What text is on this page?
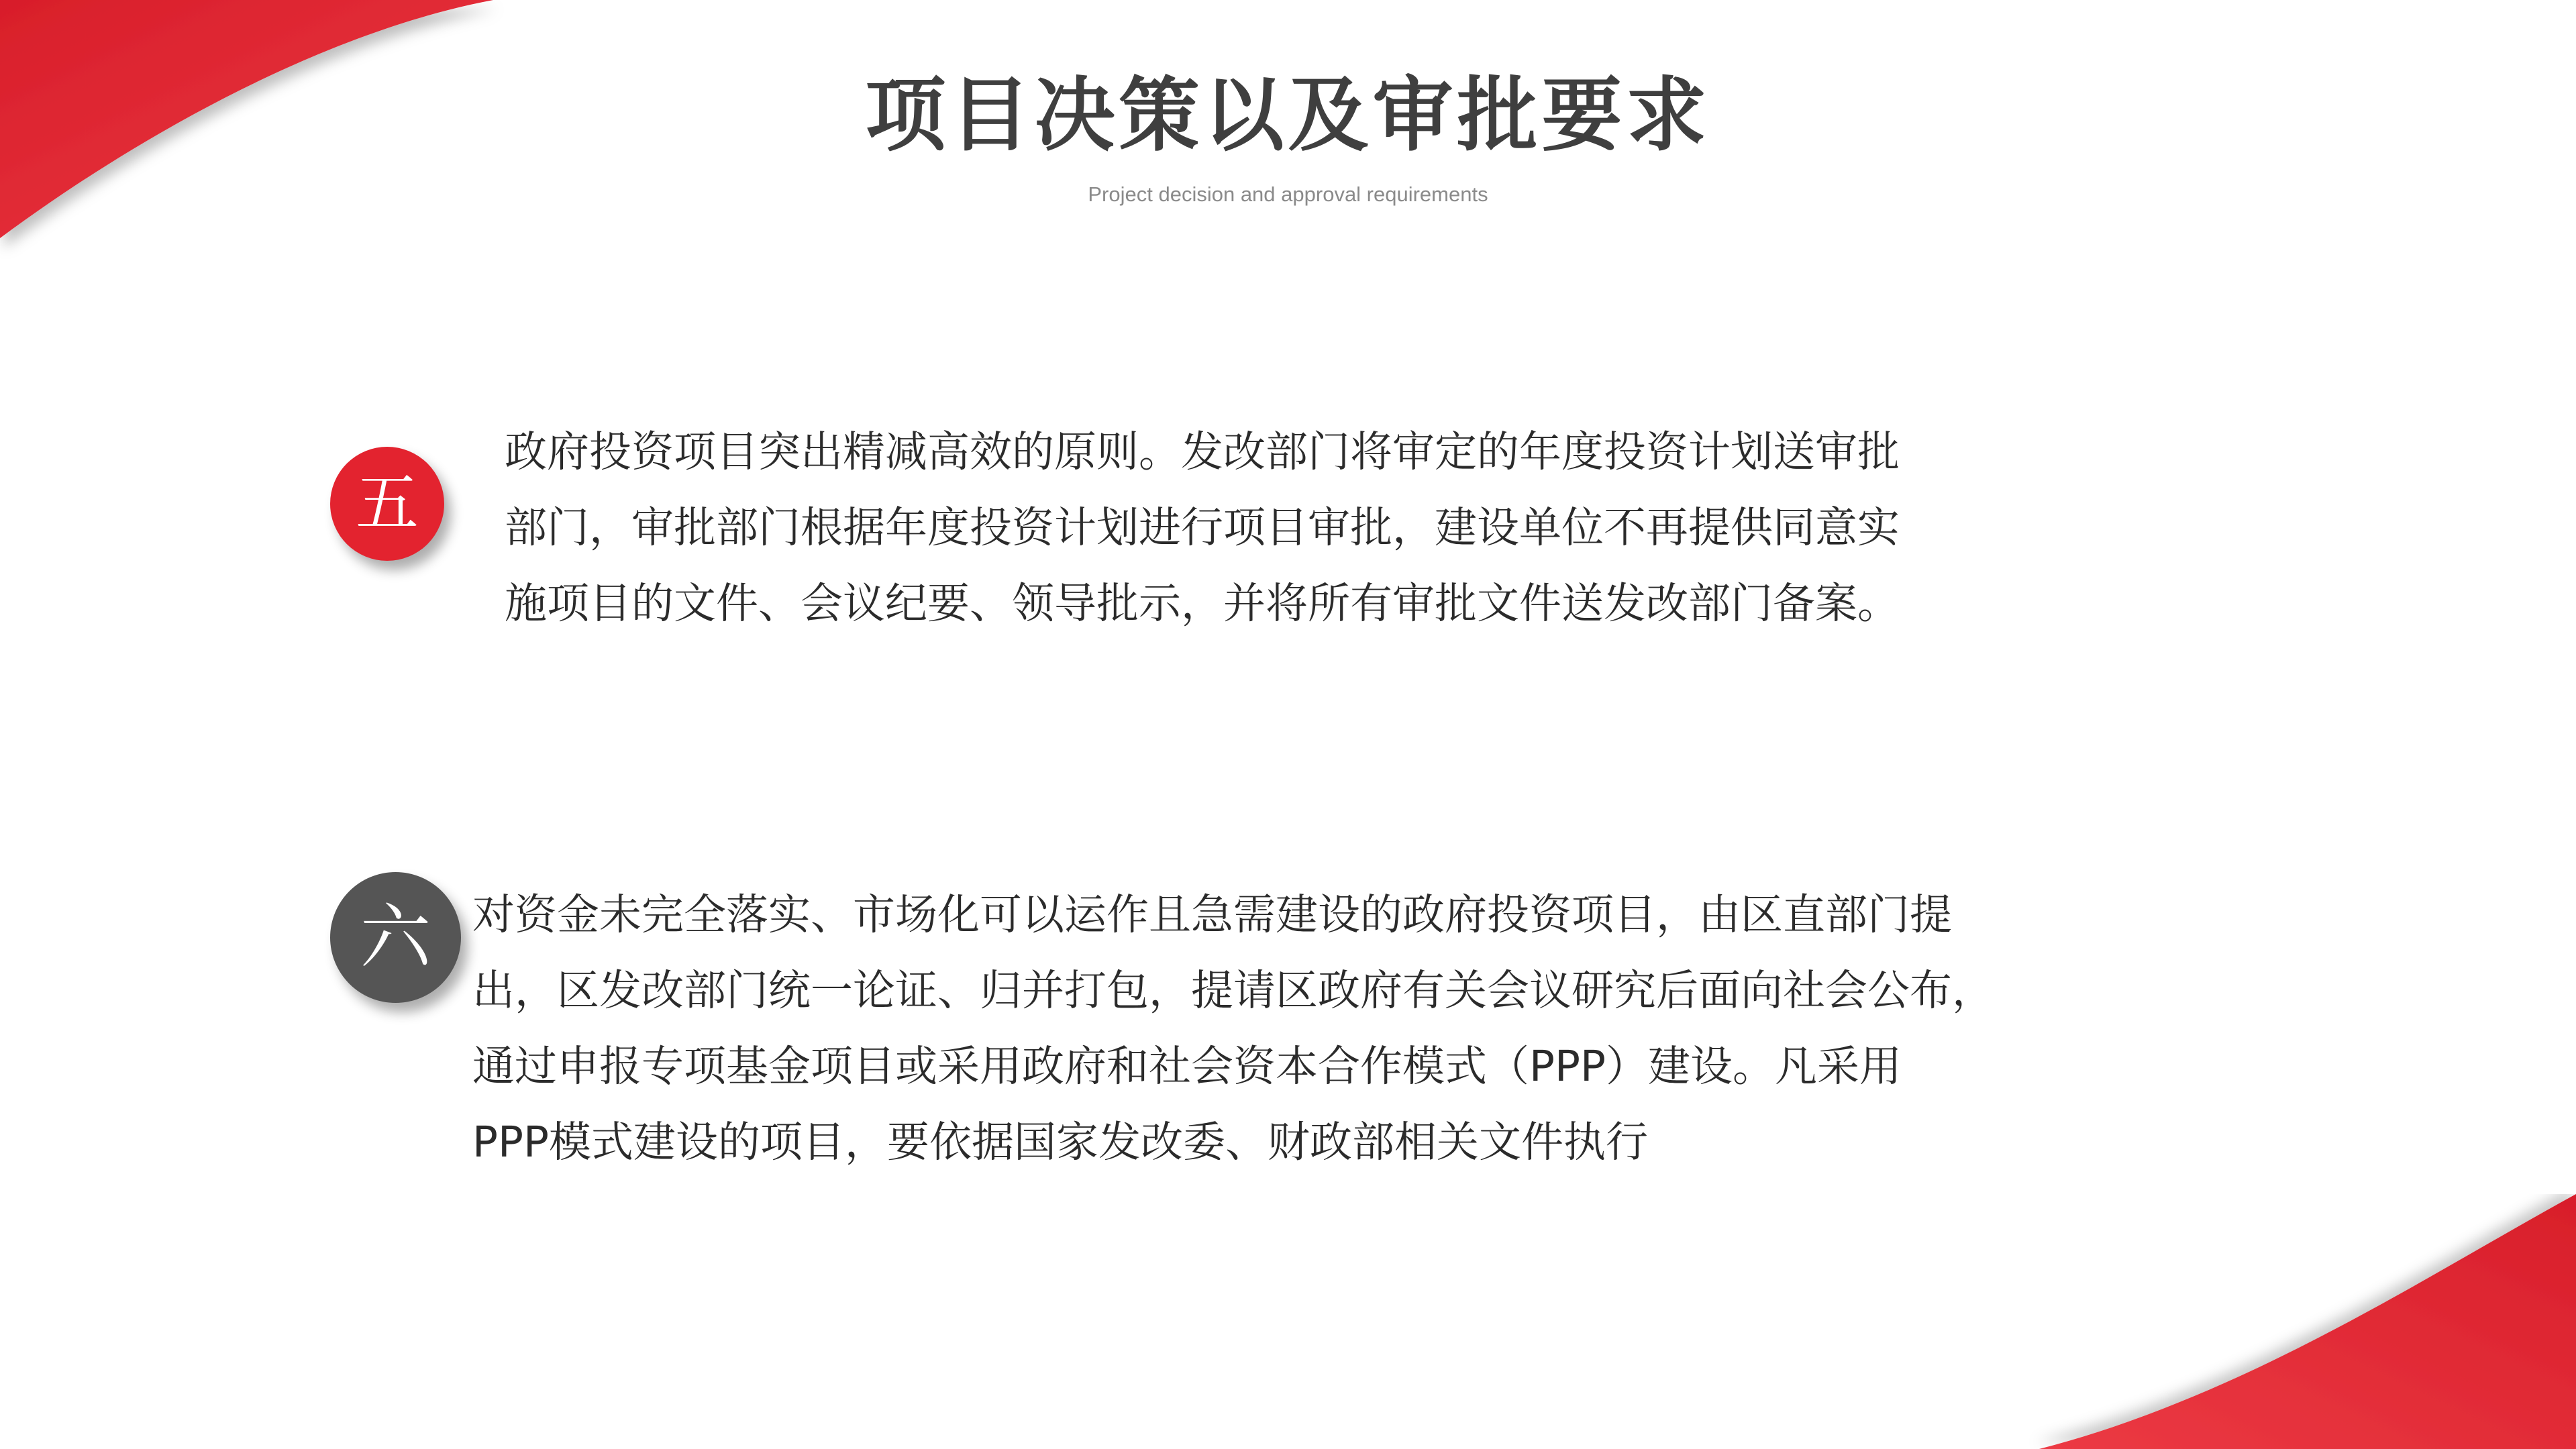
项目决策以及审批要求
Project decision and approval requirements
五
政府投资项目突出精减高效的原则。发改部门将审定的年度投资计划送审批
部门，审批部门根据年度投资计划进行项目审批，建设单位不再提供同意实
施项目的文件、会议纪要、领导批示，并将所有审批文件送发改部门备案。
六 对资金未完全落实、市场化可以运作且急需建设的政府投资项目，由区直部门提
出，区发改部门统一论证、归并打包，提请区政府有关会议研究后面向社会公布，
通过申报专项基金项目或采用政府和社会资本合作模式（PPP）建设。凡采用
PPP模式建设的项目，要依据国家发改委、财政部相关文件执行
